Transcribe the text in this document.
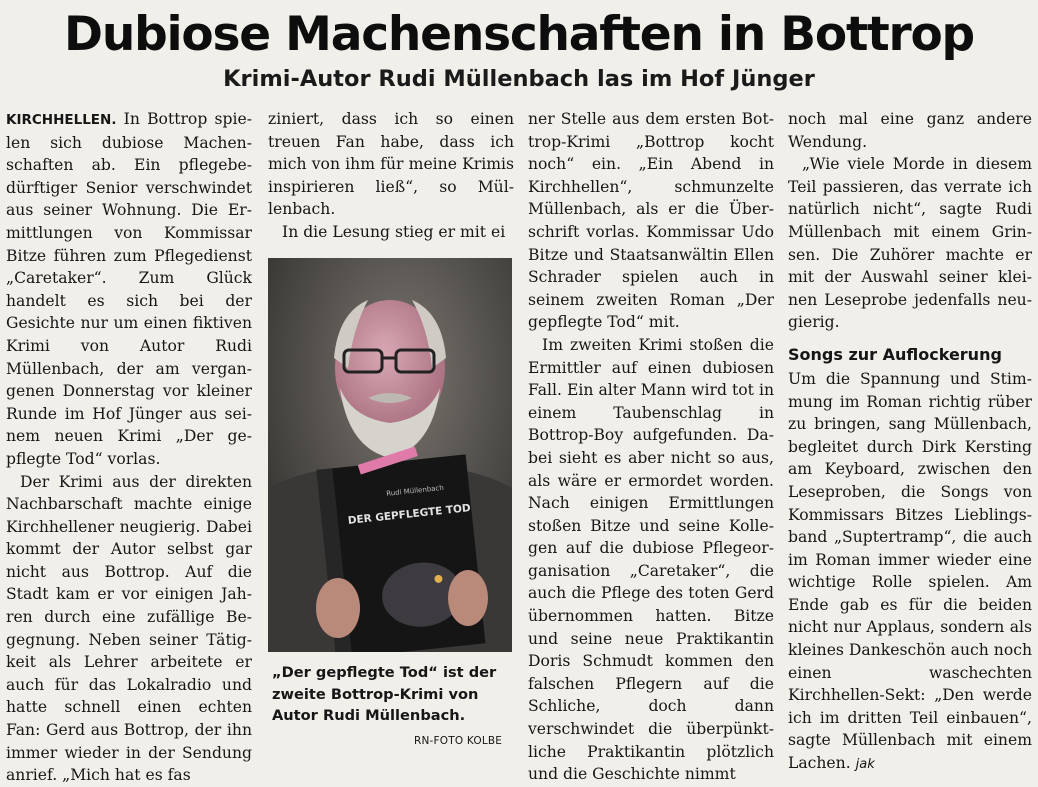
Dubiose Machenschaften in Bottrop
Krimi-Autor Rudi Müllenbach las im Hof Jünger

KIRCHHELLEN. In Bottrop spielen sich dubiose Machenschaften ab. Ein pflegebedürftiger Senior verschwindet aus seiner Wohnung. Die Ermittlungen von Kommissar Bitze führen zum Pflegedienst „Caretaker“. Zum Glück handelt es sich bei der Gesichte nur um einen fiktiven Krimi von Autor Rudi Müllenbach, der am vergangenen Donnerstag vor kleiner Runde im Hof Jünger aus seinem neuen Krimi „Der gepflegte Tod“ vorlas.

Der Krimi aus der direkten Nachbarschaft machte einige Kirchhellener neugierig. Dabei kommt der Autor selbst gar nicht aus Bottrop. Auf die Stadt kam er vor einigen Jahren durch eine zufällige Begegnung. Neben seiner Tätigkeit als Lehrer arbeitete er auch für das Lokalradio und hatte schnell einen echten Fan: Gerd aus Bottrop, der ihn immer wieder in der Sendung anrief. „Mich hat es fas

ziniert, dass ich so einen treuen Fan habe, dass ich mich von ihm für meine Krimis inspirieren ließ“, so Müllenbach.

In die Lesung stieg er mit ei

Rudi Müllenbach
DER GEPFLEGTE TOD

„Der gepflegte Tod“ ist der zweite Bottrop-Krimi von Autor Rudi Müllenbach.

RN-FOTO KOLBE

ner Stelle aus dem ersten Bottrop-Krimi „Bottrop kocht noch“ ein. „Ein Abend in Kirchhellen“, schmunzelte Müllenbach, als er die Überschrift vorlas. Kommissar Udo Bitze und Staatsanwältin Ellen Schrader spielen auch in seinem zweiten Roman „Der gepflegte Tod“ mit.

Im zweiten Krimi stoßen die Ermittler auf einen dubiosen Fall. Ein alter Mann wird tot in einem Taubenschlag in Bottrop-Boy aufgefunden. Dabei sieht es aber nicht so aus, als wäre er ermordet worden. Nach einigen Ermittlungen stoßen Bitze und seine Kollegen auf die dubiose Pflegeorganisation „Caretaker“, die auch die Pflege des toten Gerd übernommen hatten. Bitze und seine neue Praktikantin Doris Schmudt kommen den falschen Pflegern auf die Schliche, doch dann verschwindet die überpünktliche Praktikantin plötzlich und die Geschichte nimmt

noch mal eine ganz andere Wendung.

„Wie viele Morde in diesem Teil passieren, das verrate ich natürlich nicht“, sagte Rudi Müllenbach mit einem Grinsen. Die Zuhörer machte er mit der Auswahl seiner kleinen Leseprobe jedenfalls neugierig.

Songs zur Auflockerung

Um die Spannung und Stimmung im Roman richtig rüber zu bringen, sang Müllenbach, begleitet durch Dirk Kersting am Keyboard, zwischen den Leseproben, die Songs von Kommissars Bitzes Lieblingsband „Suptertramp“, die auch im Roman immer wieder eine wichtige Rolle spielen. Am Ende gab es für die beiden nicht nur Applaus, sondern als kleines Dankeschön auch noch einen waschechten Kirchhellen-Sekt: „Den werde ich im dritten Teil einbauen“, sagte Müllenbach mit einem Lachen. jak
